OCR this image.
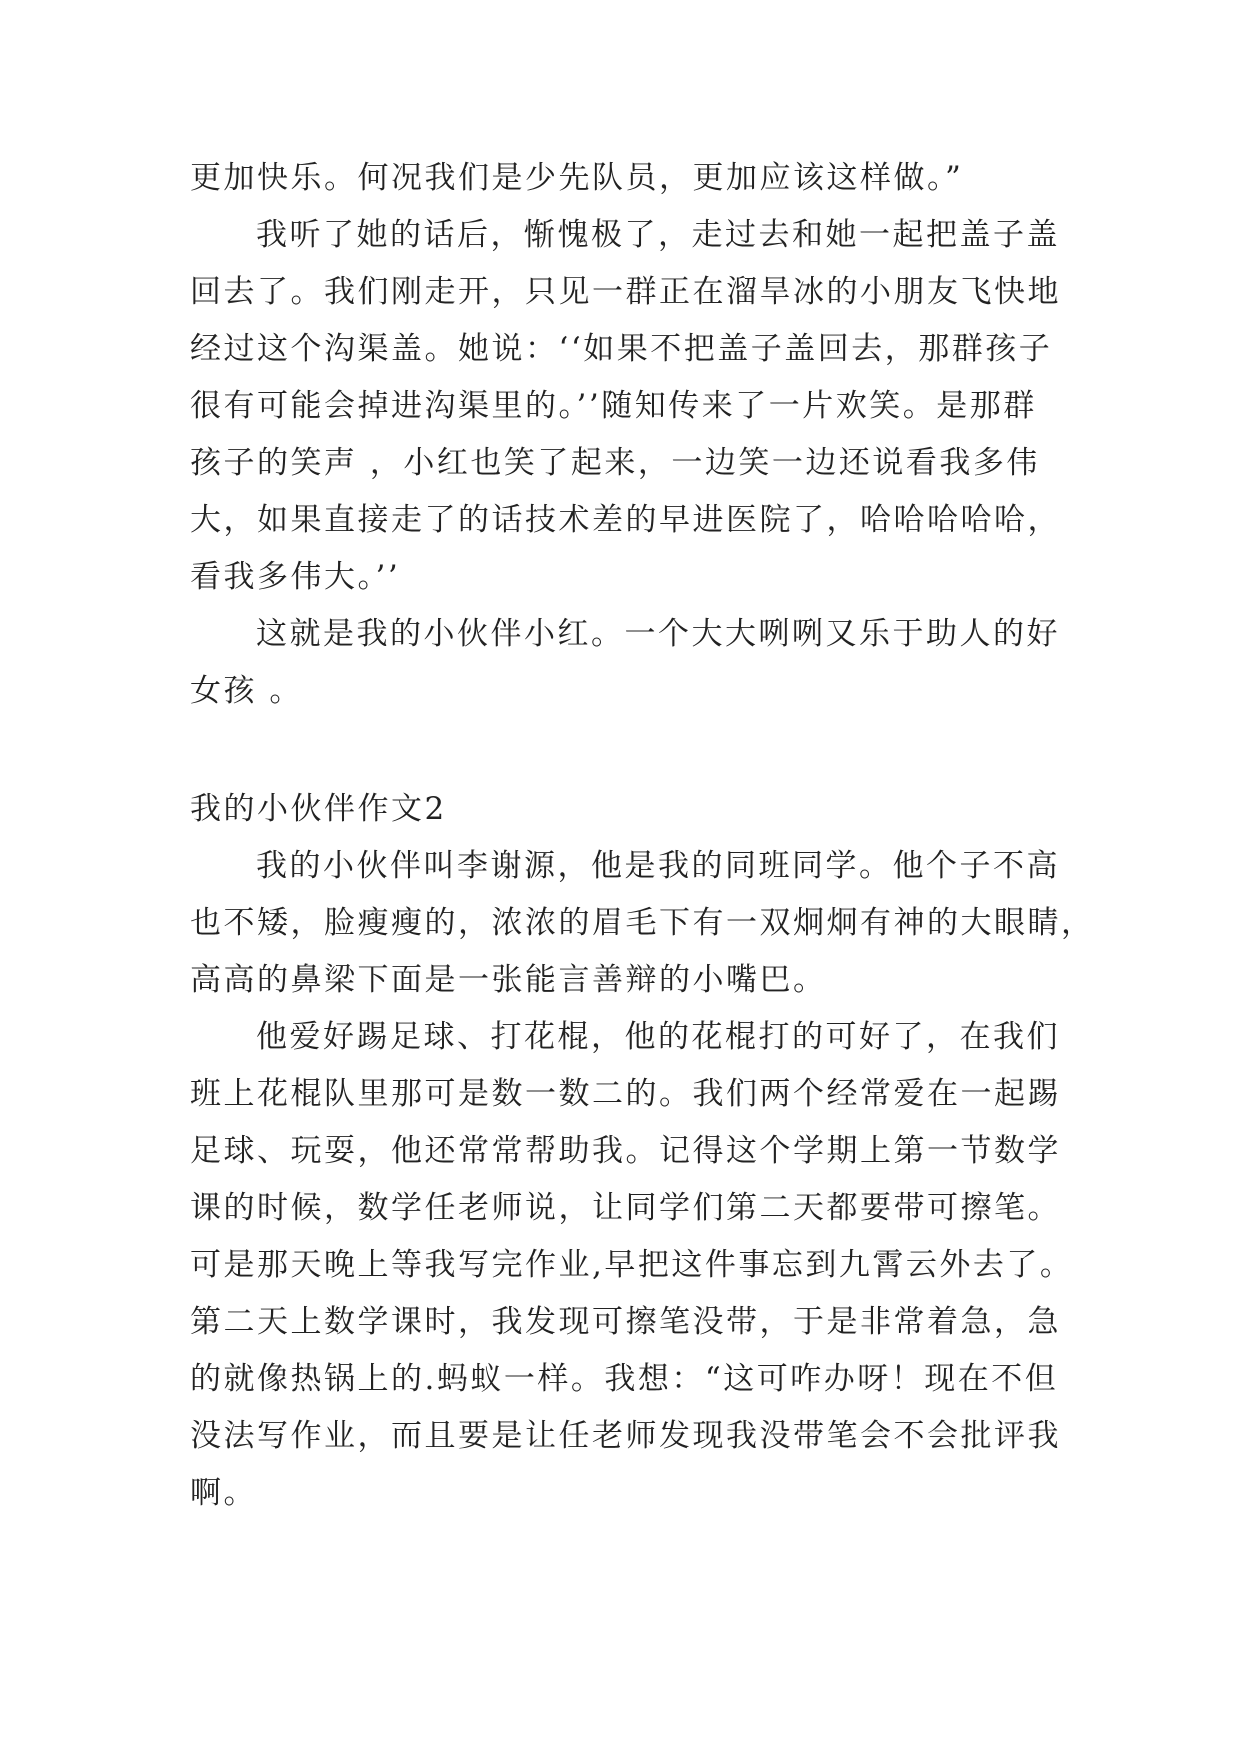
更加快乐。何况我们是少先队员，更加应该这样做。”
我听了她的话后，惭愧极了，走过去和她一起把盖子盖
回去了。我们刚走开，只见一群正在溜旱冰的小朋友飞快地
经过这个沟渠盖。她说：‘‘如果不把盖子盖回去，那群孩子
很有可能会掉进沟渠里的。’’随知传来了一片欢笑。是那群
孩子的笑声 ，小红也笑了起来，一边笑一边还说看我多伟
大，如果直接走了的话技术差的早进医院了，哈哈哈哈哈，
看我多伟大。’’
这就是我的小伙伴小红。一个大大咧咧又乐于助人的好
女孩 。
我的小伙伴作文2
我的小伙伴叫李谢源，他是我的同班同学。他个子不高
也不矮，脸瘦瘦的，浓浓的眉毛下有一双炯炯有神的大眼睛，
高高的鼻梁下面是一张能言善辩的小嘴巴。
他爱好踢足球、打花棍，他的花棍打的可好了，在我们
班上花棍队里那可是数一数二的。我们两个经常爱在一起踢
足球、玩耍，他还常常帮助我。记得这个学期上第一节数学
课的时候，数学任老师说，让同学们第二天都要带可擦笔。
可是那天晚上等我写完作业,早把这件事忘到九霄云外去了。
第二天上数学课时，我发现可擦笔没带，于是非常着急，急
的就像热锅上的.蚂蚁一样。我想：“这可咋办呀！现在不但
没法写作业，而且要是让任老师发现我没带笔会不会批评我
啊。
